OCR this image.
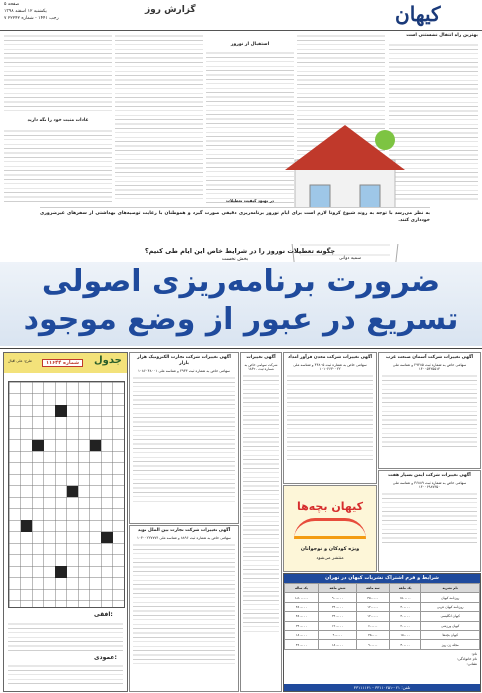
صفحه ۵
یکشنبه ۱۲ اسفند ۱۳۹۸
۷ رجب ۱۴۴۱ - شماره ۲۲۲۴۲
گزارش روز	کیهان
بهترین راه انتقال نشستنی است
استقبال از نوروز
عادات مثبت خود را نگه دارید
در بهبود کیفیت تعطیلات
به نظر می‌رسد با توجه به روند شیوع کرونا لازم است برای ایام نوروز برنامه‌ریزی دقیقی صورت گیرد و هموطنان با رعایت توصیه‌های بهداشتی از سفرهای غیرضروری خودداری کنند.
چگونه تعطیلات نوروز را در شرایط خاص این ایام طی کنیم؟
بخش نخست	سمیه دوانی
ضرورت برنامه‌ریزی اصولی
تسریع در عبور از وضع موجود
جدول
شماره ۱۱۶۴۴
طرح: علی اقبال
افقی:
عمودی:
آگهی تغییرات شرکت تجارت الکترونیک هزار بازار
سهامی خاص به شماره ثبت ۲۹۳۳ و شناسه ملی ۱۰۸۶۰۴۸۰۰۱
آگهی تغییرات شرکت تجارت بین الملل نوید
سهامی خاص به شماره ثبت ۸۸۹۶ و شناسه ملی ۱۰۳۰۰۲۲۷۷۷۴
آگهی تغییرات
شرکت سهامی خاص به شماره ثبت ۱۸۳۲۰
آگهی تغییرات شرکت معدن فرآور امداد
سهامی خاص به شماره ثبت ۴۴۸۰۵ و شناسه ملی ۱۰۱۰۲۶۳۰۰۲۲
کیهان بچه‌ها
ویژه کودکان و نوجوانان
منتشر می‌شود
آگهی تغییرات شرکت آسمان صنعت غرب
سهامی خاص به شماره ثبت ۲۹۲۸۵ و شناسه ملی ۱۴۰۰۵۴۲۵۵۱۴
آگهی تغییرات شرکت ایمن بسپار هفت
سهامی خاص به شماره ثبت ۳۶۸۸۹ و شناسه ملی ۱۴۰۰۶۹۸۷۳۵۰
شرایط و فرم اشتراک نشریات کیهان در تهران
نام نشریه	یک ماهه	سه ماهه	شش ماهه	یک ساله
روزنامه کیهان	۱۵۰،۰۰۰	۴۵۰،۰۰۰	۹۰۰،۰۰۰	۱،۸۰۰،۰۰۰
روزنامه کیهان عربی	۴۰،۰۰۰	۱۲۰،۰۰۰	۲۴۰،۰۰۰	۴۸۰،۰۰۰
کیهان انگلیسی	۴۰،۰۰۰	۱۲۰،۰۰۰	۲۴۰،۰۰۰	۴۸۰،۰۰۰
کیهان ورزشی	۲۰،۰۰۰	۶۰،۰۰۰	۱۲۰،۰۰۰	۲۴۰،۰۰۰
کیهان بچه‌ها	۱۵،۰۰۰	۴۵،۰۰۰	۹۰،۰۰۰	۱۸۰،۰۰۰
مجله زن روز	۳۰،۰۰۰	۹۰،۰۰۰	۱۸۰،۰۰۰	۳۶۰،۰۰۰
نام:
نام خانوادگی:
نشانی:
تلفن: ۰۲۱-۳۳۱۱۰۲۵۱ - ۳۳۱۱۱۱۴۱
